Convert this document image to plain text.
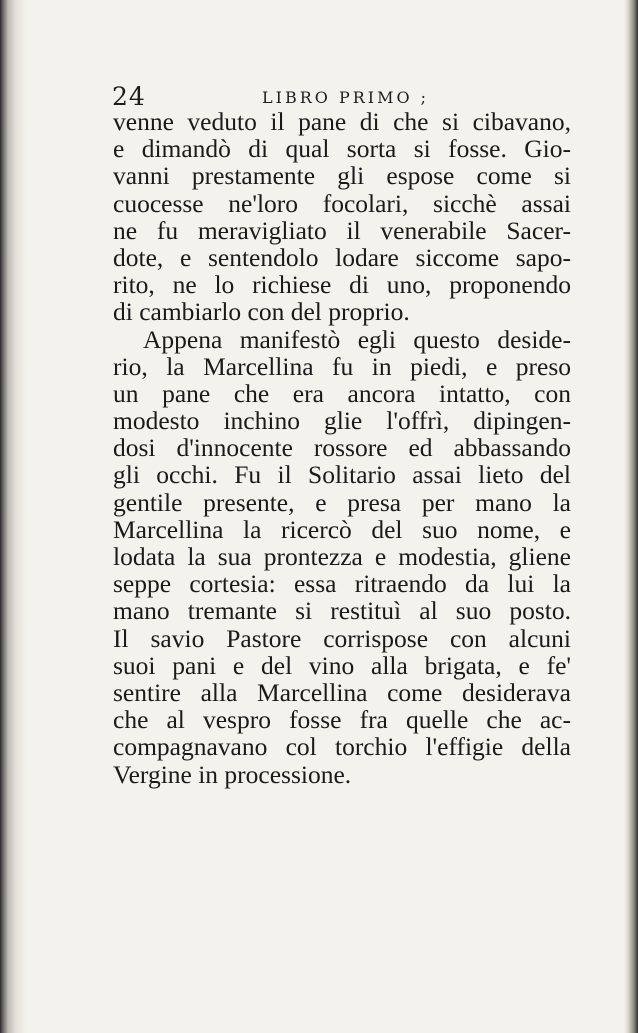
24	LIBRO PRIMO ;
venne veduto il pane di che si cibavano,
e dimandò di qual sorta si fosse. Gio-
vanni prestamente gli espose come si
cuocesse ne'loro focolari, sicchè assai
ne fu meravigliato il venerabile Sacer-
dote, e sentendolo lodare siccome sapo-
rito, ne lo richiese di uno, proponendo
di cambiarlo con del proprio.
Appena manifestò egli questo deside-
rio, la Marcellina fu in piedi, e preso
un pane che era ancora intatto, con
modesto inchino glie l'offrì, dipingen-
dosi d'innocente rossore ed abbassando
gli occhi. Fu il Solitario assai lieto del
gentile presente, e presa per mano la
Marcellina la ricercò del suo nome, e
lodata la sua prontezza e modestia, gliene
seppe cortesia: essa ritraendo da lui la
mano tremante si restituì al suo posto.
Il savio Pastore corrispose con alcuni
suoi pani e del vino alla brigata, e fe'
sentire alla Marcellina come desiderava
che al vespro fosse fra quelle che ac-
compagnavano col torchio l'effigie della
Vergine in processione.
